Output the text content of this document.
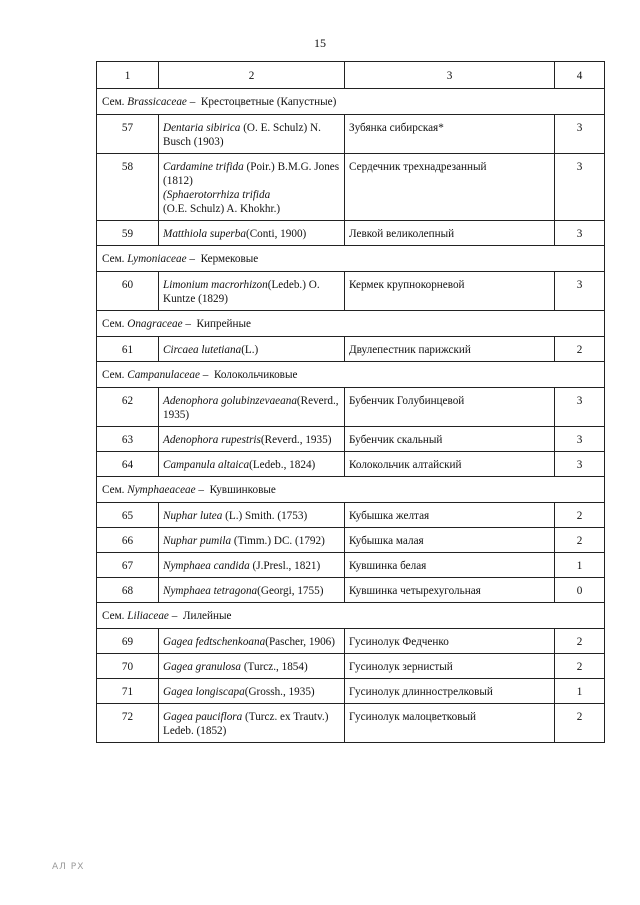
15
1	2	3	4
Сем. Brassicaceae – Крестоцветные (Капустные)			
57	Dentaria sibirica (O. E. Schulz) N. Busch (1903)	Зубянка сибирская*	3
58	Cardamine trifida (Poir.) B.M.G. Jones (1812)
(Sphaerotorrhiza trifida
(O.E. Schulz) A. Khokhr.)	Сердечник трехнадрезанный	3
59	Matthiola superba(Conti, 1900)	Левкой великолепный	3
Сем. Lymoniaceae – Кермековые			
60	Limonium macrorhizon(Ledeb.) O. Kuntze (1829)	Кермек крупнокорневой	3
Сем. Onagraceae – Кипрейные			
61	Circaea lutetiana(L.)	Двулепестник парижский	2
Сем. Campanulaceae – Колокольчиковые			
62	Adenophora golubinzevaeana(Reverd., 1935)	Бубенчик Голубинцевой	3
63	Adenophora rupestris(Reverd., 1935)	Бубенчик скальный	3
64	Campanula altaica(Ledeb., 1824)	Колокольчик алтайский	3
Сем. Nymphaeaceae – Кувшинковые			
65	Nuphar lutea (L.) Smith. (1753)	Кубышка желтая	2
66	Nuphar pumila (Timm.) DC. (1792)	Кубышка малая	2
67	Nymphaea candida (J.Presl., 1821)	Кувшинка белая	1
68	Nymphaea tetragona(Georgi, 1755)	Кувшинка четырехугольная	0
Сем. Liliaceae – Лилейные			
69	Gagea fedtschenkoana(Pascher, 1906)	Гусинолук Федченко	2
70	Gagea granulosa (Turcz., 1854)	Гусинолук зернистый	2
71	Gagea longiscapa(Grossh., 1935)	Гусинолук длиннострелковый	1
72	Gagea pauciflora (Turcz. ex Trautv.) Ledeb. (1852)	Гусинолук малоцветковый	2
АЛ РХ
